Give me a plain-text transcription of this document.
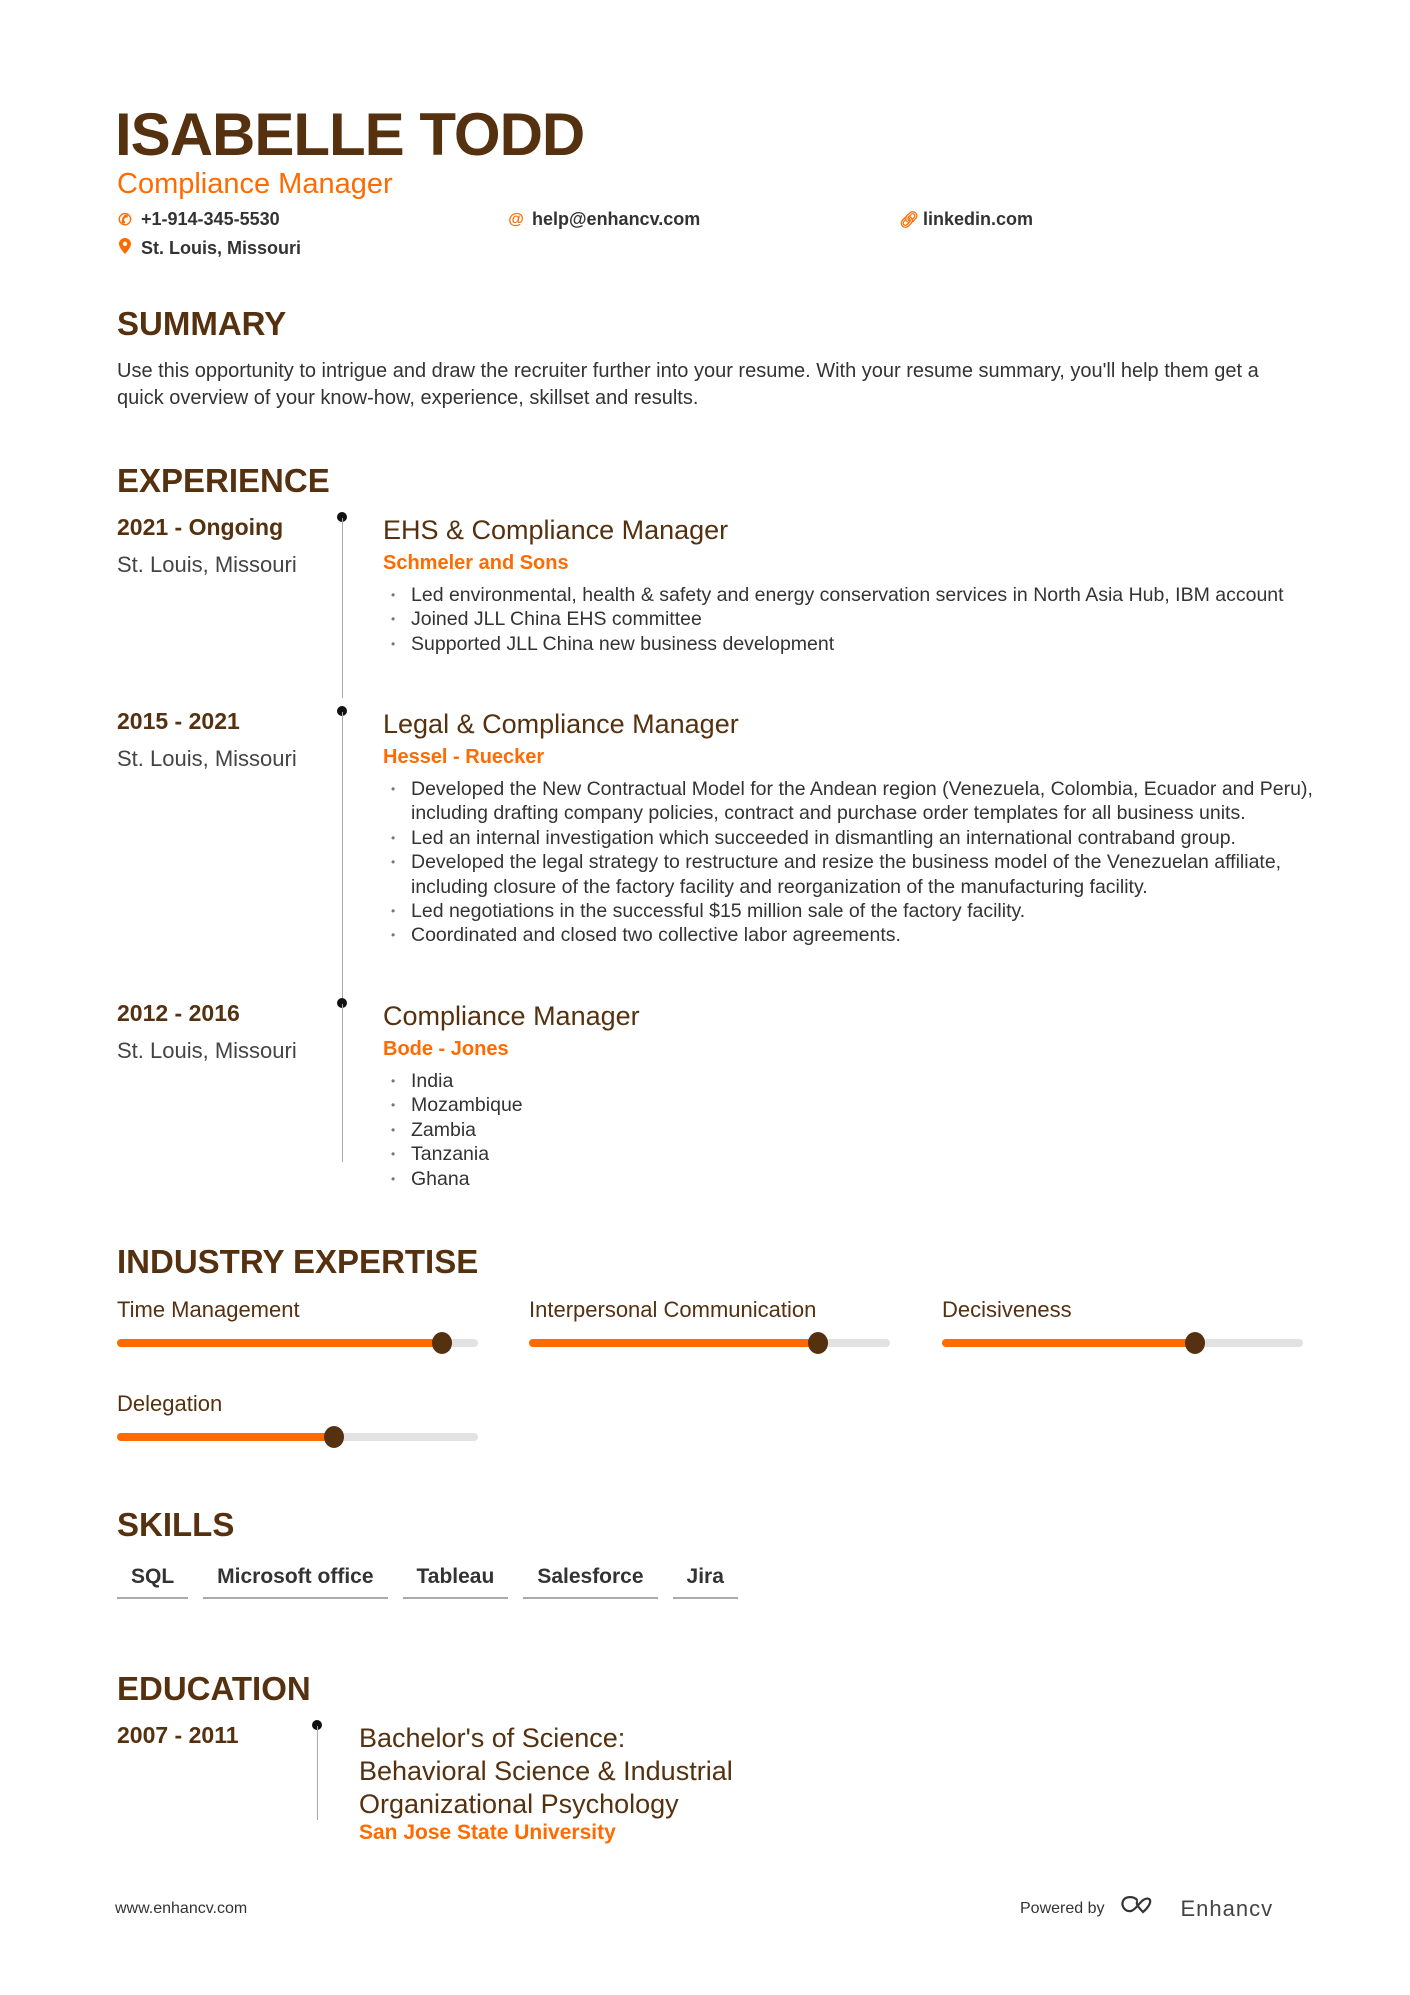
ISABELLE TODD
Compliance Manager
✆ +1-914-345-5530	@ help@enhancv.com	🔗︎ linkedin.com
St. Louis, Missouri
SUMMARY
Use this opportunity to intrigue and draw the recruiter further into your resume. With your resume summary, you'll help them get a quick overview of your know-how, experience, skillset and results.
EXPERIENCE
2021 - Ongoing
St. Louis, Missouri
EHS & Compliance Manager
Schmeler and Sons
• Led environmental, health & safety and energy conservation services in North Asia Hub, IBM account
• Joined JLL China EHS committee
• Supported JLL China new business development
2015 - 2021
St. Louis, Missouri
Legal & Compliance Manager
Hessel - Ruecker
• Developed the New Contractual Model for the Andean region (Venezuela, Colombia, Ecuador and Peru), including drafting company policies, contract and purchase order templates for all business units.
• Led an internal investigation which succeeded in dismantling an international contraband group.
• Developed the legal strategy to restructure and resize the business model of the Venezuelan affiliate, including closure of the factory facility and reorganization of the manufacturing facility.
• Led negotiations in the successful $15 million sale of the factory facility.
• Coordinated and closed two collective labor agreements.
2012 - 2016
St. Louis, Missouri
Compliance Manager
Bode - Jones
• India
• Mozambique
• Zambia
• Tanzania
• Ghana
INDUSTRY EXPERTISE
Time Management	Interpersonal Communication	Decisiveness
Delegation
SKILLS
SQL	Microsoft office	Tableau	Salesforce	Jira
EDUCATION
2007 - 2011	Bachelor's of Science: Behavioral Science & Industrial Organizational Psychology
San Jose State University
www.enhancv.com	Powered by	Enhancv
